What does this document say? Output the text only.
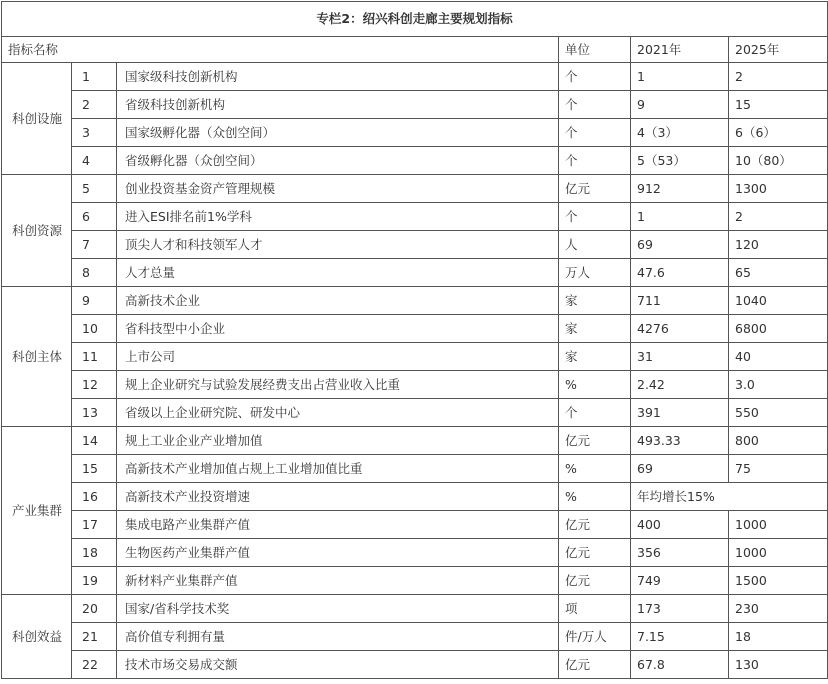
专栏2：绍兴科创走廊主要规划指标					
指标名称			单位	2021年	2025年
科创设施	1	国家级科技创新机构	个	1	2
	2	省级科技创新机构	个	9	15
	3	国家级孵化器（众创空间）	个	4（3）	6（6）
	4	省级孵化器（众创空间）	个	5（53）	10（80）
科创资源	5	创业投资基金资产管理规模	亿元	912	1300
	6	进入ESI排名前1%学科	个	1	2
	7	顶尖人才和科技领军人才	人	69	120
	8	人才总量	万人	47.6	65
科创主体	9	高新技术企业	家	711	1040
	10	省科技型中小企业	家	4276	6800
	11	上市公司	家	31	40
	12	规上企业研究与试验发展经费支出占营业收入比重	%	2.42	3.0
	13	省级以上企业研究院、研发中心	个	391	550
产业集群	14	规上工业企业产业增加值	亿元	493.33	800
	15	高新技术产业增加值占规上工业增加值比重	%	69	75
	16	高新技术产业投资增速	%	年均增长15%	
	17	集成电路产业集群产值	亿元	400	1000
	18	生物医药产业集群产值	亿元	356	1000
	19	新材料产业集群产值	亿元	749	1500
科创效益	20	国家/省科学技术奖	项	173	230
	21	高价值专利拥有量	件/万人	7.15	18
	22	技术市场交易成交额	亿元	67.8	130
